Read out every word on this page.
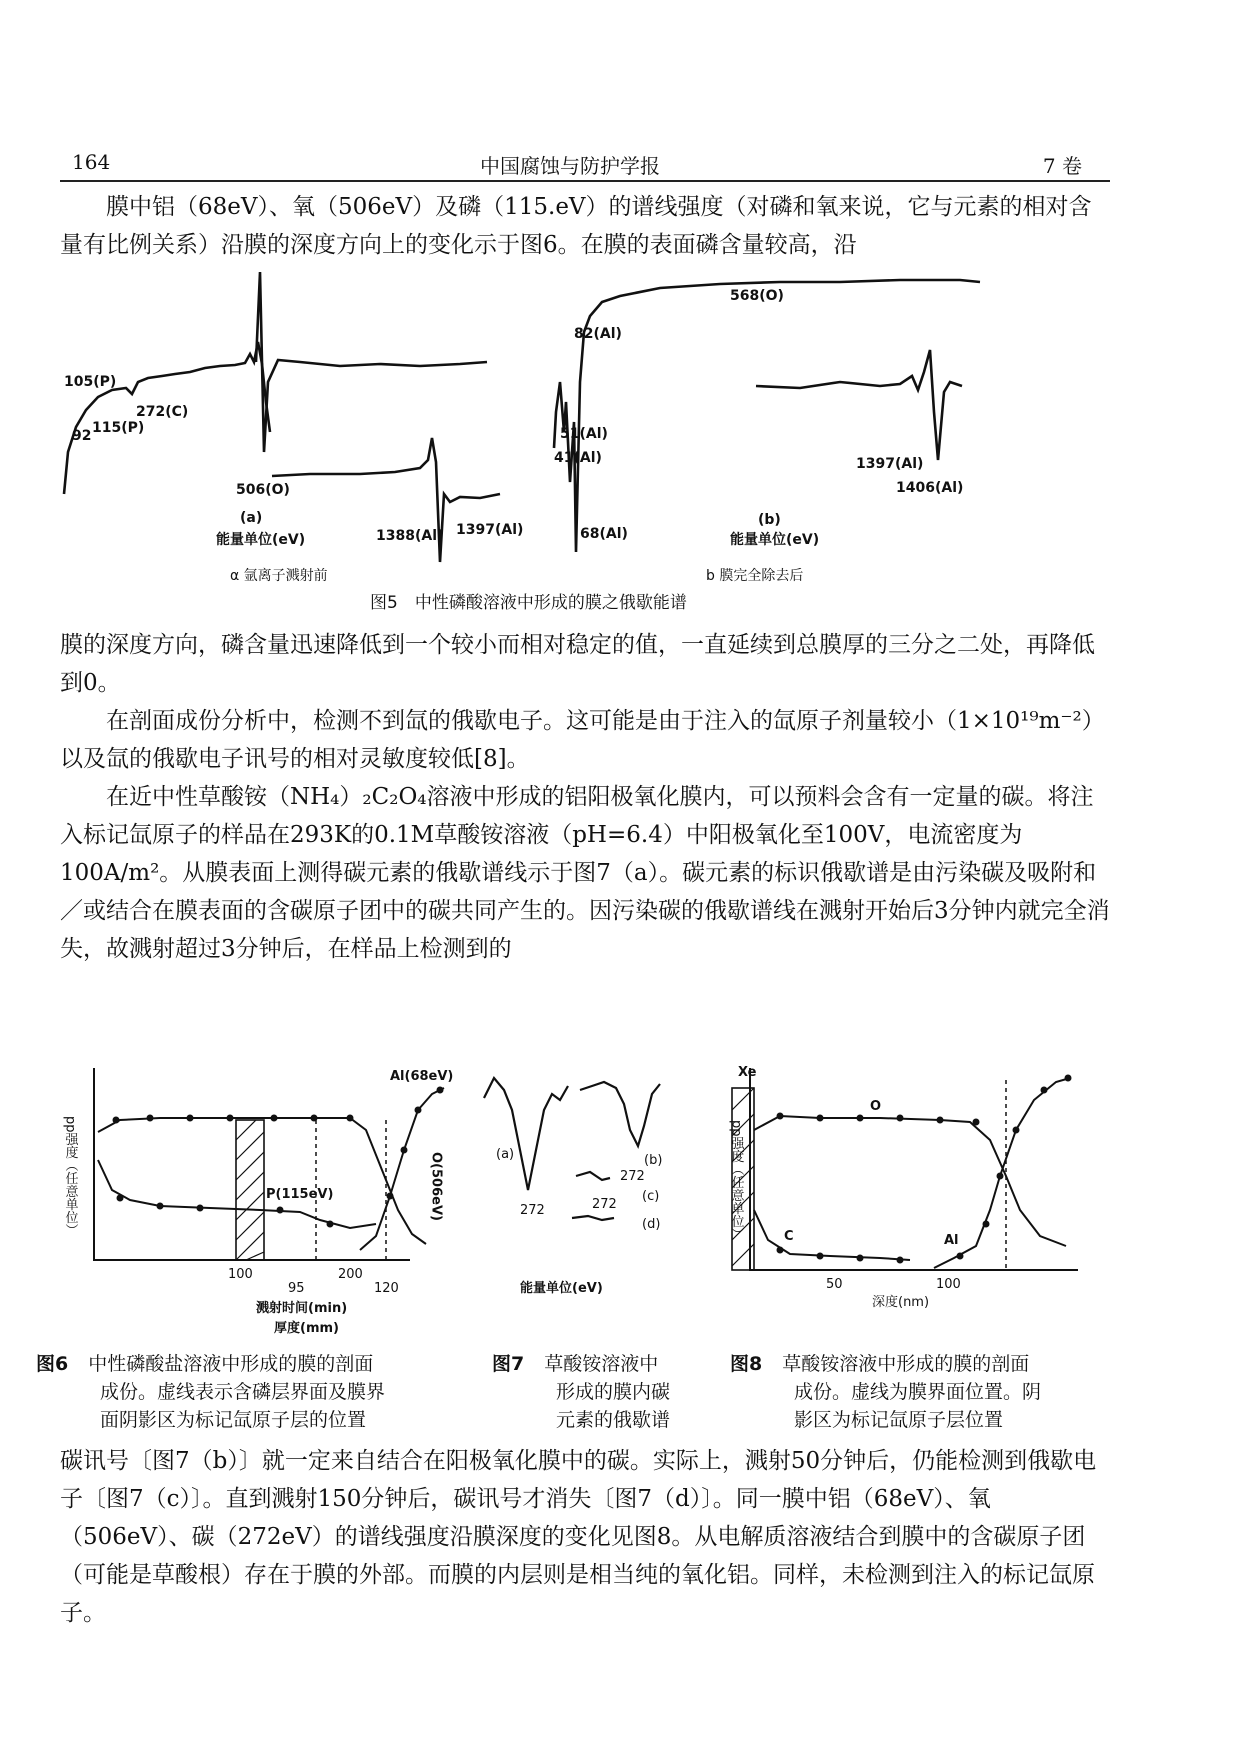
164	中国腐蚀与防护学报	7 卷

膜中铝（68eV）、氧（506eV）及磷（115.eV）的谱线强度（对磷和氧来说，它与元素的相对含量有比例关系）沿膜的深度方向上的变化示于图6。在膜的表面磷含量较高，沿

105(P)
92 115(P)
272(C)
506(O)
1388(Al) 1397(Al)
(a)
能量单位(eV)
α 氩离子溅射前
568(O)
82(Al)
51(Al)
41(Al)
68(Al)
1397(Al)
1406(Al)
(b)
能量单位(eV)
b 膜完全除去后
图5　中性磷酸溶液中形成的膜之俄歇能谱

膜的深度方向，磷含量迅速降低到一个较小而相对稳定的值，一直延续到总膜厚的三分之二处，再降低到0。

在剖面成份分析中，检测不到氙的俄歇电子。这可能是由于注入的氙原子剂量较小（1×10¹⁹m⁻²）以及氙的俄歇电子讯号的相对灵敏度较低[8]。

在近中性草酸铵（NH₄）₂C₂O₄溶液中形成的铝阳极氧化膜内，可以预料会含有一定量的碳。将注入标记氙原子的样品在293K的0.1M草酸铵溶液（pH=6.4）中阳极氧化至100V，电流密度为100A/m²。从膜表面上测得碳元素的俄歇谱线示于图7（a）。碳元素的标识俄歇谱是由污染碳及吸附和／或结合在膜表面的含碳原子团中的碳共同产生的。因污染碳的俄歇谱线在溅射开始后3分钟内就完全消失，故溅射超过3分钟后，在样品上检测到的

pp强度（任意单位）
Al(68eV)
P(115eV)	O(506eV)
100	200
95	120
溅射时间(min)
厚度(mm)
(a)
272
(b)
272
(c)
272
(d)
能量单位(eV)
pp强度（任意单位）
Xe
O
C	Al
50	100
深度(nm)
图6 中性磷酸盐溶液中形成的膜的剖面
成份。虚线表示含磷层界面及膜界
面阴影区为标记氙原子层的位置
图7 草酸铵溶液中
形成的膜内碳
元素的俄歇谱
图8 草酸铵溶液中形成的膜的剖面
成份。虚线为膜界面位置。阴
影区为标记氙原子层位置

碳讯号〔图7（b）〕就一定来自结合在阳极氧化膜中的碳。实际上，溅射50分钟后，仍能检测到俄歇电子〔图7（c）〕。直到溅射150分钟后，碳讯号才消失〔图7（d）〕。同一膜中铝（68eV）、氧（506eV）、碳（272eV）的谱线强度沿膜深度的变化见图8。从电解质溶液结合到膜中的含碳原子团（可能是草酸根）存在于膜的外部。而膜的内层则是相当纯的氧化铝。同样，未检测到注入的标记氙原子。
